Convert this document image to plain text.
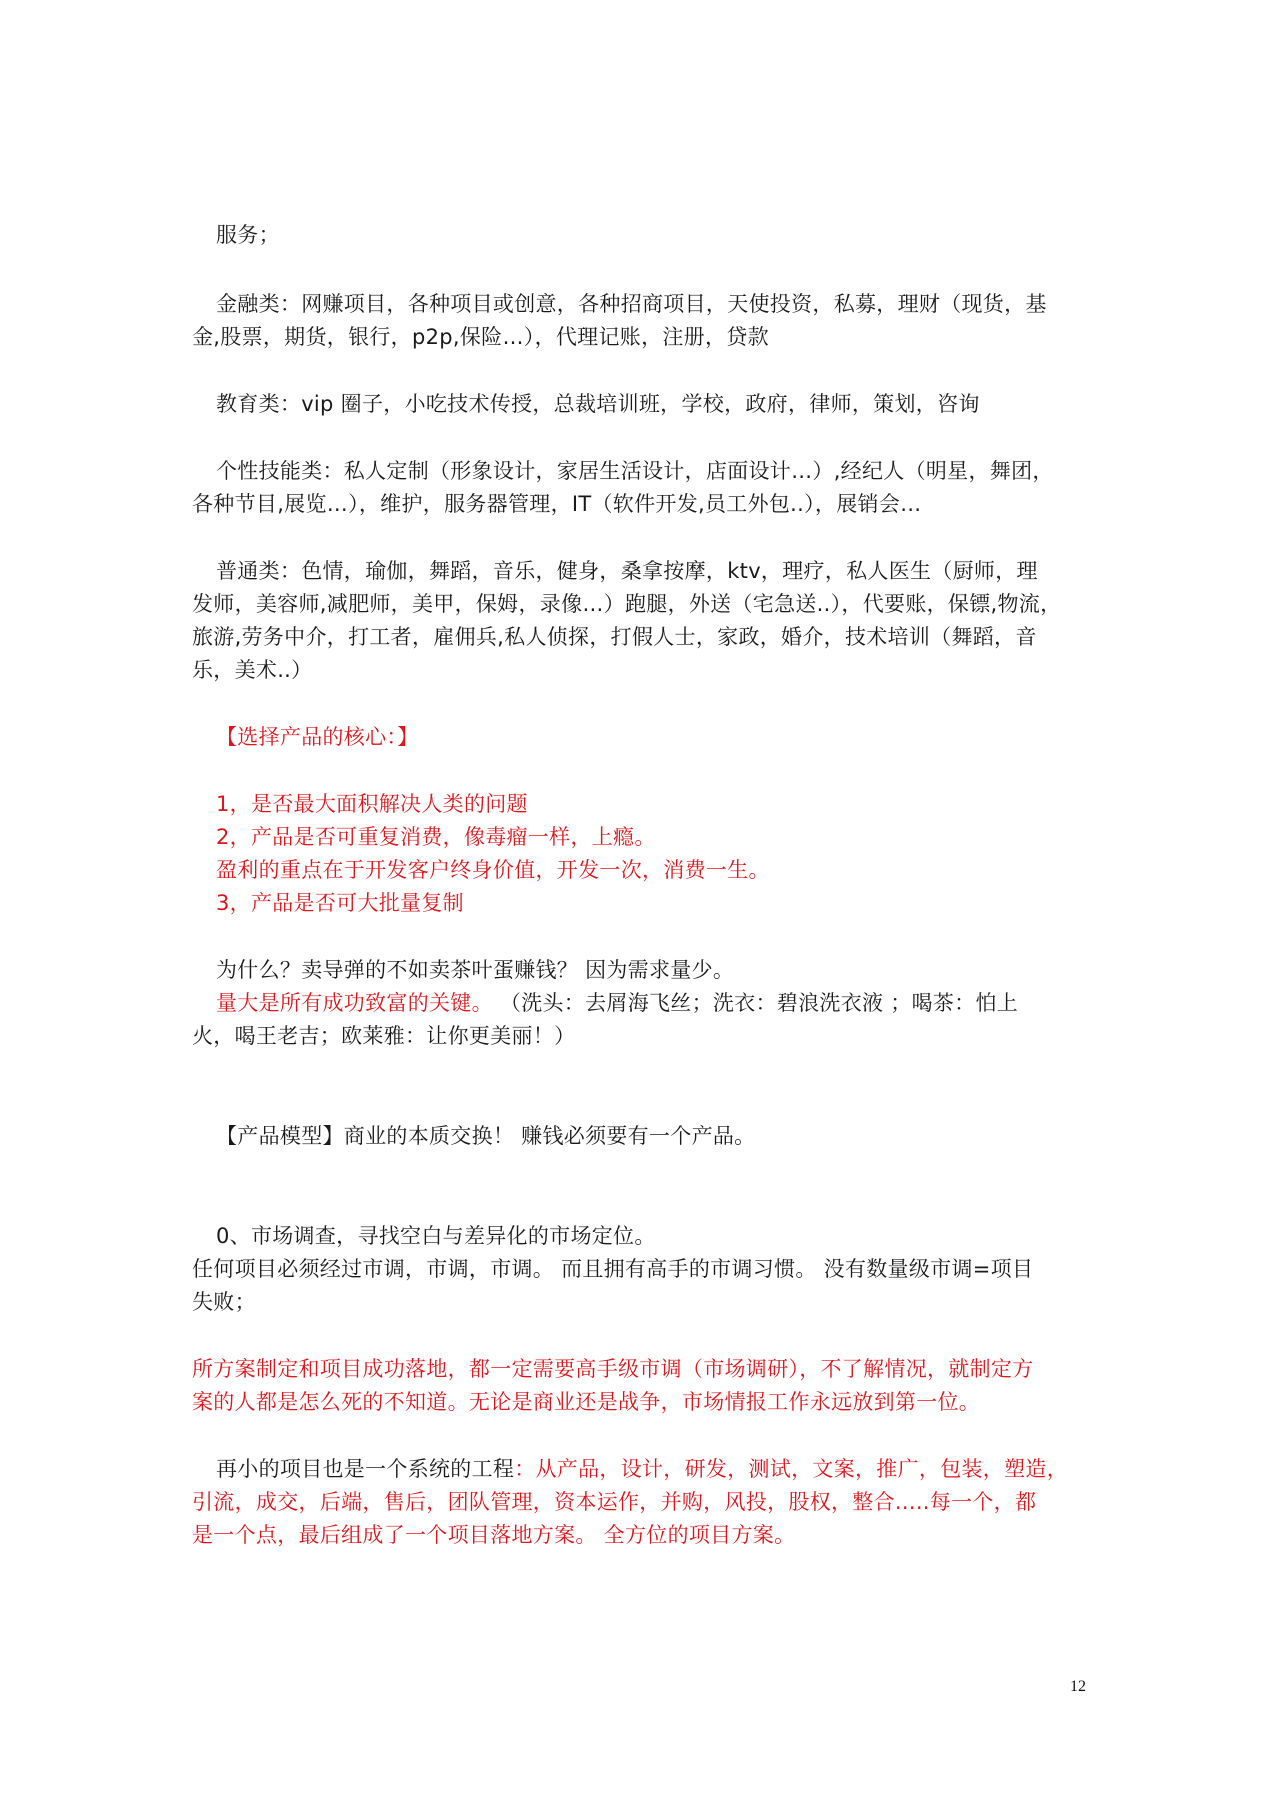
服务；
金融类：网赚项目，各种项目或创意，各种招商项目，天使投资，私募，理财（现货，基
金,股票，期货，银行，p2p,保险…），代理记账，注册，贷款
教育类：vip 圈子，小吃技术传授，总裁培训班，学校，政府，律师，策划，咨询
个性技能类：私人定制（形象设计，家居生活设计，店面设计…）,经纪人（明星，舞团，
各种节目,展览…），维护，服务器管理，IT（软件开发,员工外包..），展销会…
普通类：色情，瑜伽，舞蹈，音乐，健身，桑拿按摩，ktv，理疗，私人医生（厨师，理
发师，美容师,减肥师，美甲，保姆，录像…）跑腿，外送（宅急送..），代要账，保镖,物流，
旅游,劳务中介，打工者，雇佣兵,私人侦探，打假人士，家政，婚介，技术培训（舞蹈，音
乐，美术..）
【选择产品的核心：】
1，是否最大面积解决人类的问题
2，产品是否可重复消费，像毒瘤一样，上瘾。
盈利的重点在于开发客户终身价值，开发一次，消费一生。
3，产品是否可大批量复制
为什么？卖导弹的不如卖茶叶蛋赚钱？ 因为需求量少。
量大是所有成功致富的关键。 （洗头：去屑海飞丝；洗衣：碧浪洗衣液 ；喝茶：怕上
火，喝王老吉；欧莱雅：让你更美丽！）
【产品模型】商业的本质交换！ 赚钱必须要有一个产品。
0、市场调查，寻找空白与差异化的市场定位。
任何项目必须经过市调，市调，市调。 而且拥有高手的市调习惯。 没有数量级市调=项目
失败；
所方案制定和项目成功落地，都一定需要高手级市调（市场调研），不了解情况，就制定方
案的人都是怎么死的不知道。无论是商业还是战争，市场情报工作永远放到第一位。
再小的项目也是一个系统的工程：从产品，设计，研发，测试，文案，推广，包装，塑造，
引流，成交，后端，售后，团队管理，资本运作，并购，风投，股权，整合.....每一个，都
是一个点，最后组成了一个项目落地方案。 全方位的项目方案。
12
